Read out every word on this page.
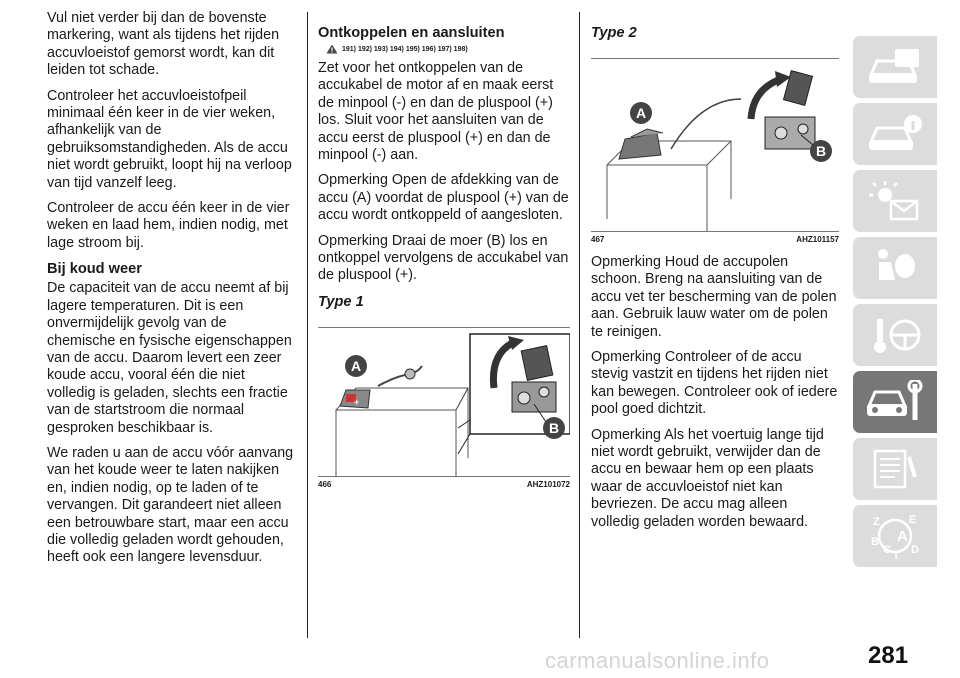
Vul niet verder bij dan de bovenste markering, want als tijdens het rijden accuvloeistof gemorst wordt, kan dit leiden tot schade.

Controleer het accuvloeistofpeil minimaal één keer in de vier weken, afhankelijk van de gebruiksomstandigheden. Als de accu niet wordt gebruikt, loopt hij na verloop van tijd vanzelf leeg.

Controleer de accu één keer in de vier weken en laad hem, indien nodig, met lage stroom bij.

Bij koud weer

De capaciteit van de accu neemt af bij lagere temperaturen. Dit is een onvermijdelijk gevolg van de chemische en fysische eigenschappen van de accu. Daarom levert een zeer koude accu, vooral één die niet volledig is geladen, slechts een fractie van de startstroom die normaal gesproken beschikbaar is.

We raden u aan de accu vóór aanvang van het koude weer te laten nakijken en, indien nodig, op te laden of te vervangen. Dit garandeert niet alleen een betrouwbare start, maar een accu die volledig geladen wordt gehouden, heeft ook een langere levensduur.

Ontkoppelen en aansluiten
191) 192) 193) 194) 195) 196) 197) 198)

Zet voor het ontkoppelen van de accukabel de motor af en maak eerst de minpool (-) en dan de pluspool (+) los. Sluit voor het aansluiten van de accu eerst de pluspool (+) en dan de minpool (-) aan.

Opmerking Open de afdekking van de accu (A) voordat de pluspool (+) van de accu wordt ontkoppeld of aangesloten.

Opmerking Draai de moer (B) los en ontkoppel vervolgens de accukabel van de pluspool (+).

Type 1
+
A
B
466	AHZ101072
Type 2
A
B
467	AHZ101157

Opmerking Houd de accupolen schoon. Breng na aansluiting van de accu vet ter bescherming van de polen aan. Gebruik lauw water om de polen te reinigen.

Opmerking Controleer of de accu stevig vastzit en tijdens het rijden niet kan bewegen. Controleer ook of iedere pool goed dichtzit.

Opmerking Als het voertuig lange tijd niet wordt gebruikt, verwijder dan de accu en bewaar hem op een plaats waar de accuvloeistof niet kan bevriezen. De accu mag alleen volledig geladen worden bewaard.	Z	E
B A
C
T
D
carmanualsonline.info	281
